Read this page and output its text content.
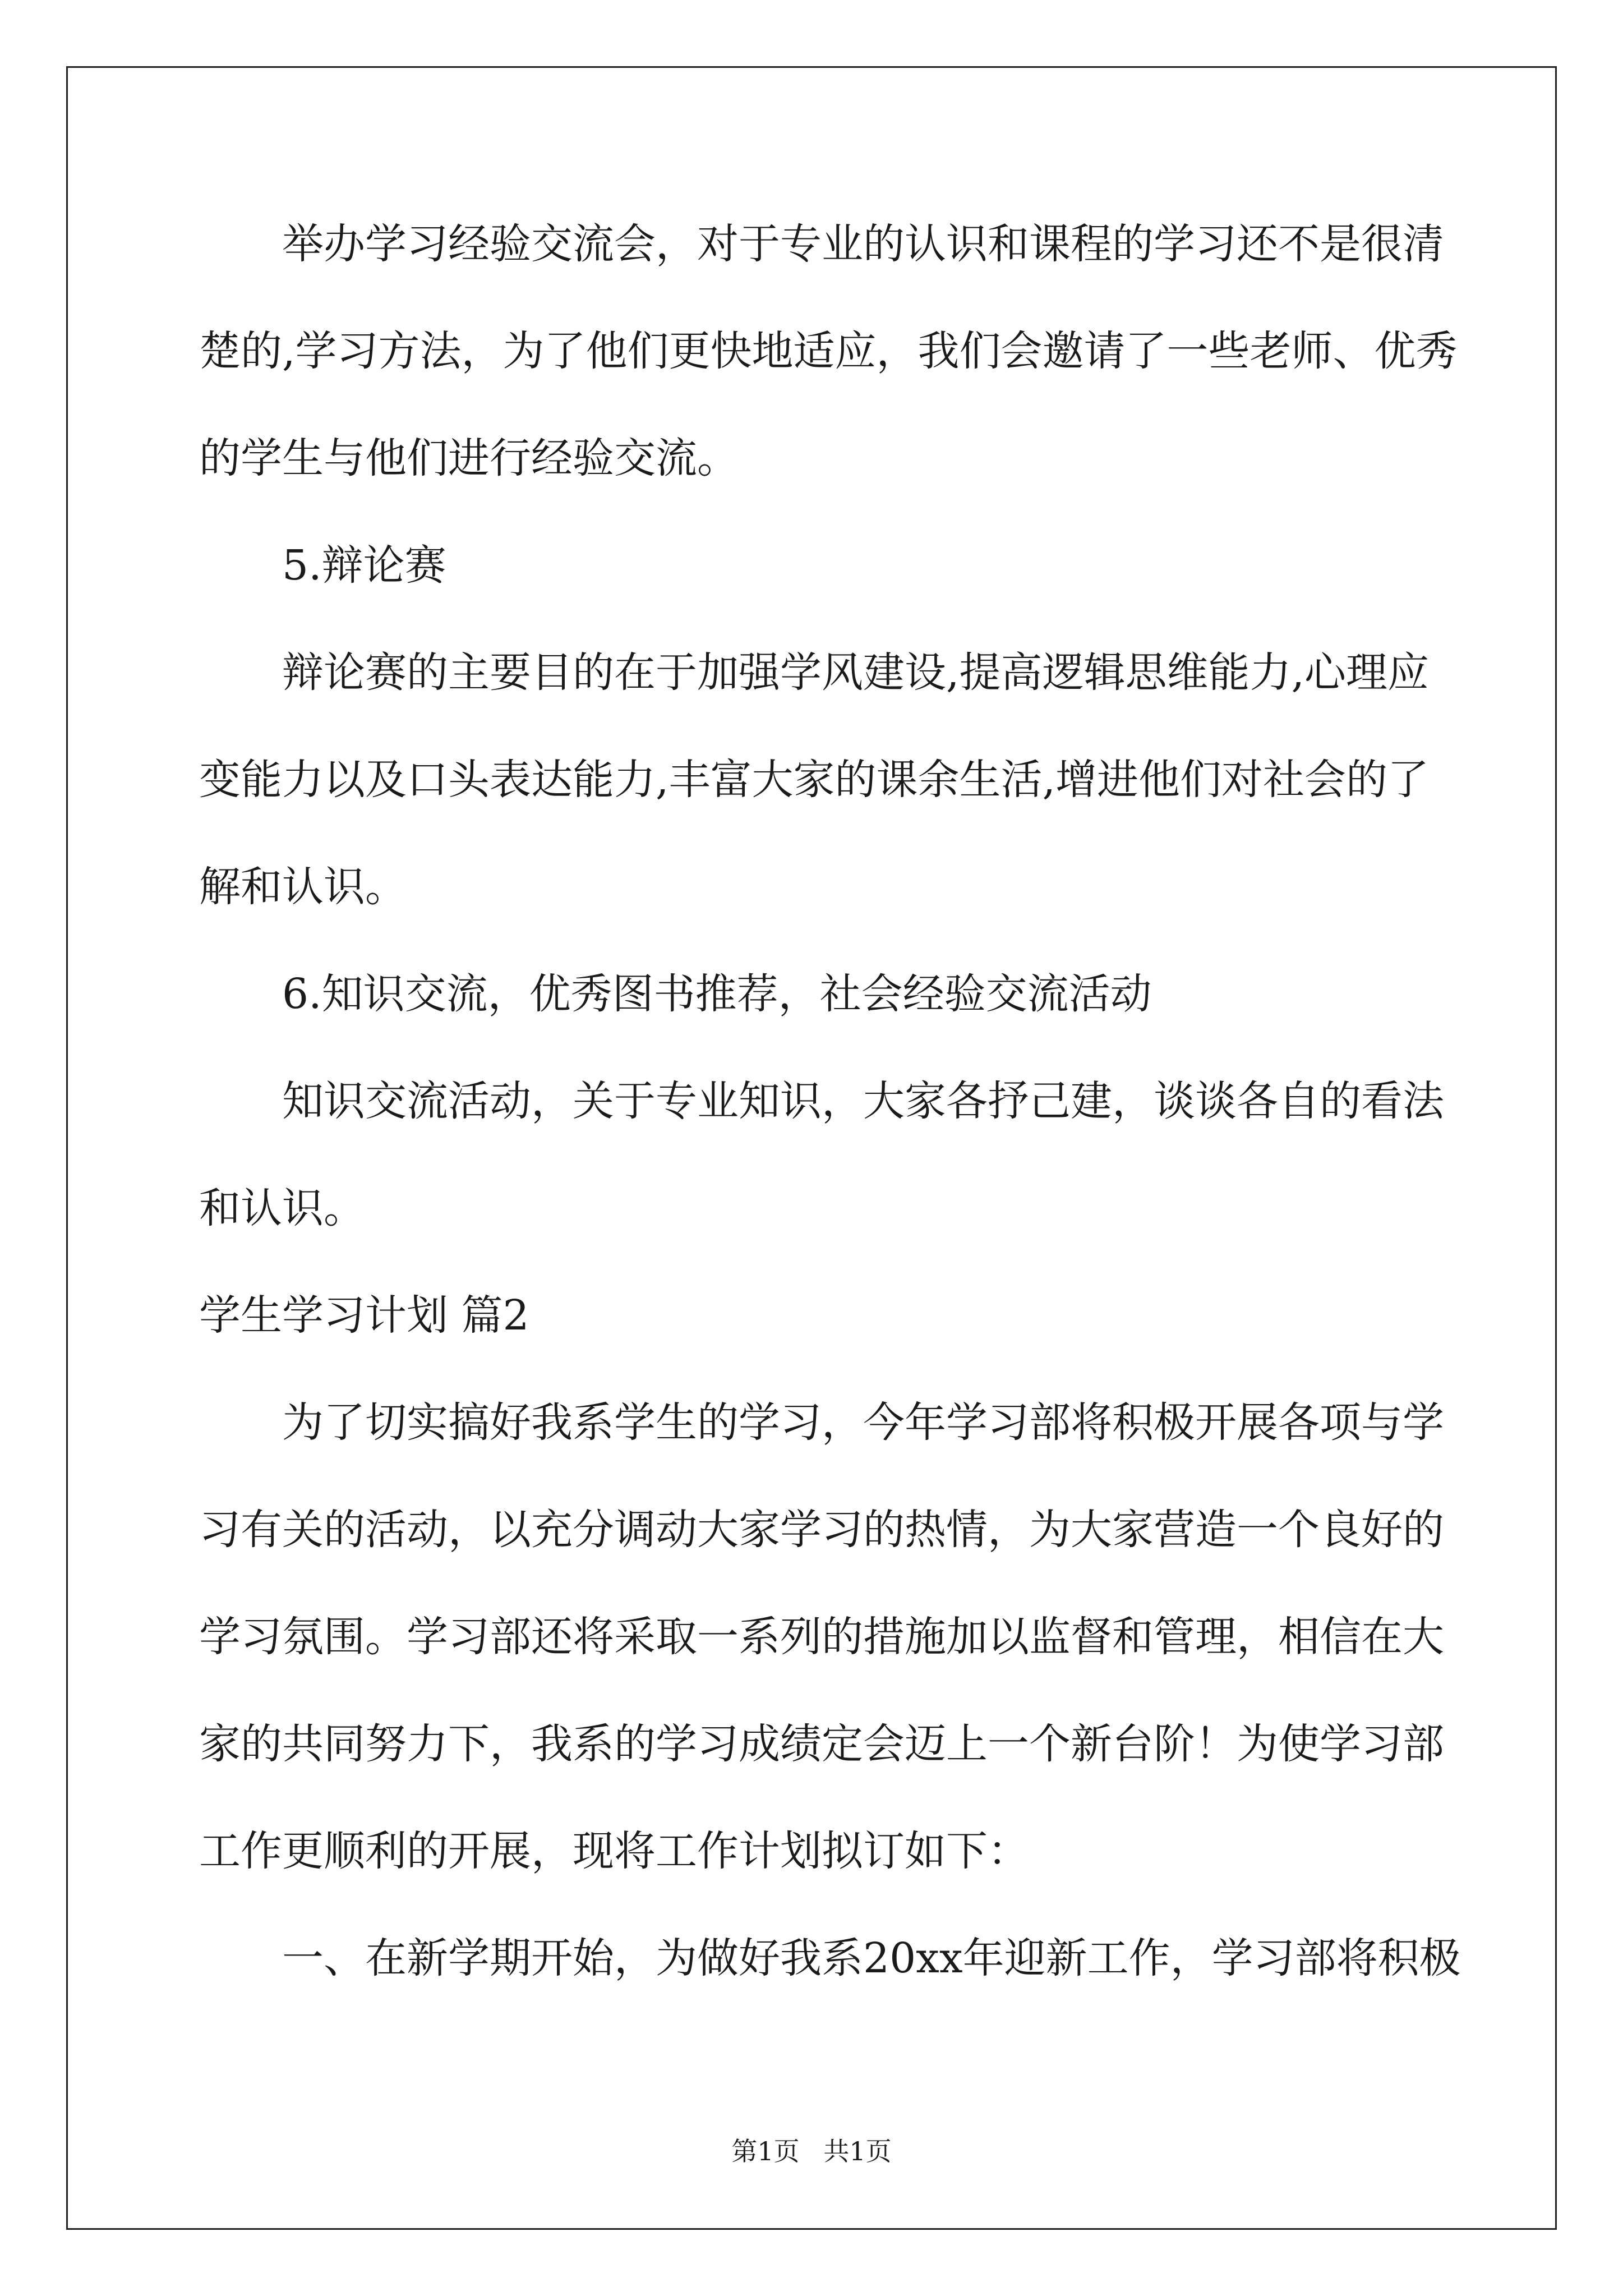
举办学习经验交流会，对于专业的认识和课程的学习还不是很清
楚的,学习方法，为了他们更快地适应，我们会邀请了一些老师、优秀
的学生与他们进行经验交流。
5.辩论赛
辩论赛的主要目的在于加强学风建设,提高逻辑思维能力,心理应
变能力以及口头表达能力,丰富大家的课余生活,增进他们对社会的了
解和认识。
6.知识交流，优秀图书推荐，社会经验交流活动
知识交流活动，关于专业知识，大家各抒己建，谈谈各自的看法
和认识。
学生学习计划 篇2
为了切实搞好我系学生的学习，今年学习部将积极开展各项与学
习有关的活动，以充分调动大家学习的热情，为大家营造一个良好的
学习氛围。学习部还将采取一系列的措施加以监督和管理，相信在大
家的共同努力下，我系的学习成绩定会迈上一个新台阶！为使学习部
工作更顺利的开展，现将工作计划拟订如下：
一、在新学期开始，为做好我系20xx年迎新工作，学习部将积极
第1页 共1页
